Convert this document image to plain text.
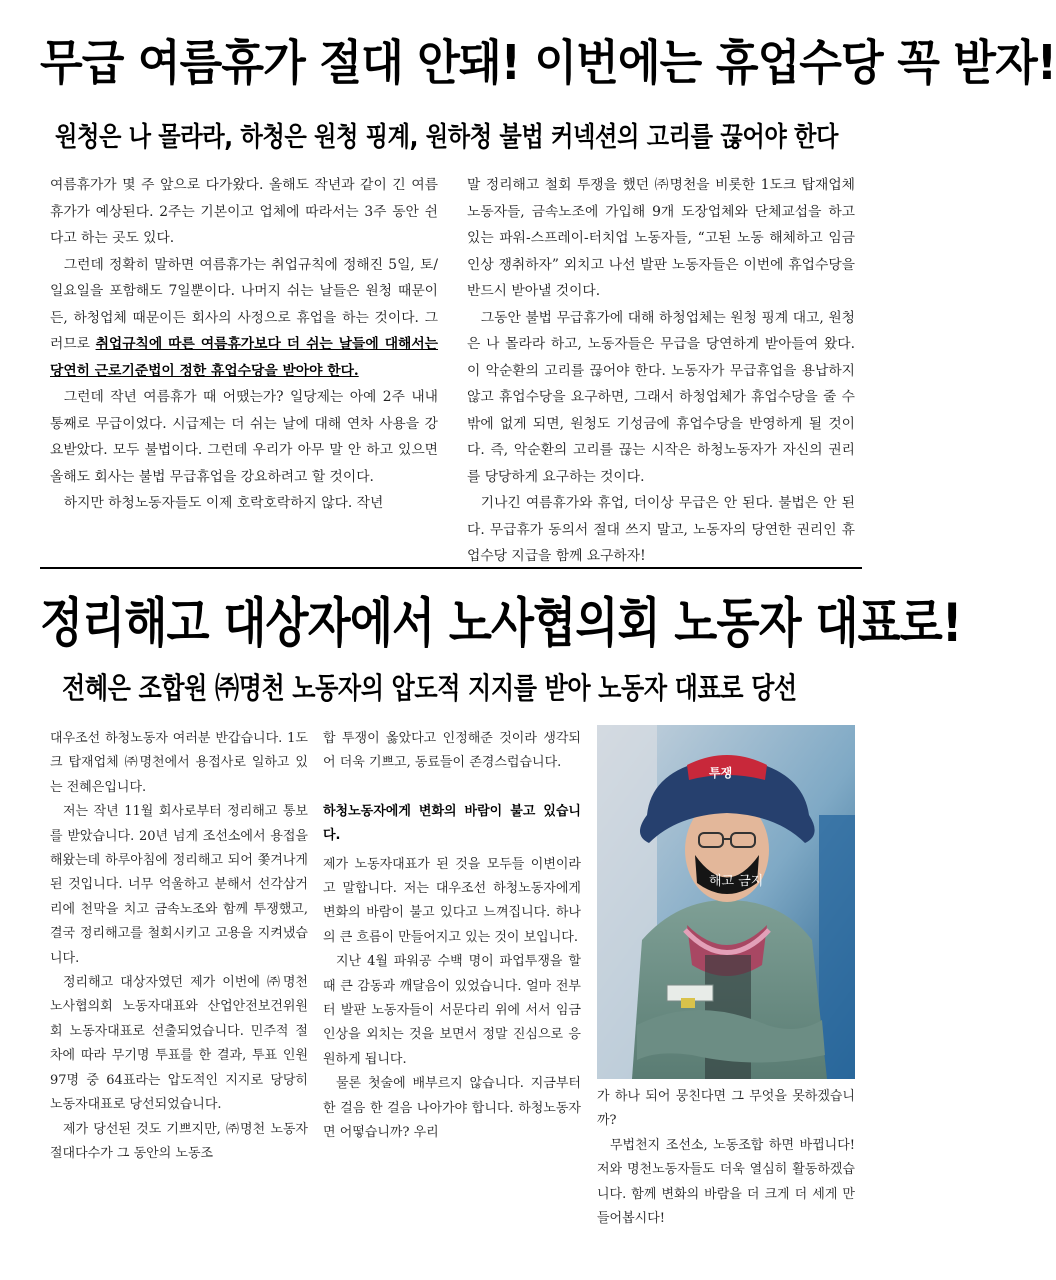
무급 여름휴가 절대 안돼! 이번에는 휴업수당 꼭 받자!
원청은 나 몰라라, 하청은 원청 핑계, 원하청 불법 커넥션의 고리를 끊어야 한다

여름휴가가 몇 주 앞으로 다가왔다. 올해도 작년과 같이 긴 여름휴가가 예상된다. 2주는 기본이고 업체에 따라서는 3주 동안 쉰다고 하는 곳도 있다.

그런데 정확히 말하면 여름휴가는 취업규칙에 정해진 5일, 토/일요일을 포함해도 7일뿐이다. 나머지 쉬는 날들은 원청 때문이든, 하청업체 때문이든 회사의 사정으로 휴업을 하는 것이다. 그러므로 취업규칙에 따른 여름휴가보다 더 쉬는 날들에 대해서는 당연히 근로기준법이 정한 휴업수당을 받아야 한다.

그런데 작년 여름휴가 때 어땠는가? 일당제는 아예 2주 내내 통째로 무급이었다. 시급제는 더 쉬는 날에 대해 연차 사용을 강요받았다. 모두 불법이다. 그런데 우리가 아무 말 안 하고 있으면 올해도 회사는 불법 무급휴업을 강요하려고 할 것이다.

하지만 하청노동자들도 이제 호락호락하지 않다. 작년

말 정리해고 철회 투쟁을 했던 ㈜명천을 비롯한 1도크 탑재업체 노동자들, 금속노조에 가입해 9개 도장업체와 단체교섭을 하고 있는 파워-스프레이-터치업 노동자들, “고된 노동 해체하고 임금인상 쟁취하자” 외치고 나선 발판 노동자들은 이번에 휴업수당을 반드시 받아낼 것이다.

그동안 불법 무급휴가에 대해 하청업체는 원청 핑계 대고, 원청은 나 몰라라 하고, 노동자들은 무급을 당연하게 받아들여 왔다. 이 악순환의 고리를 끊어야 한다. 노동자가 무급휴업을 용납하지 않고 휴업수당을 요구하면, 그래서 하청업체가 휴업수당을 줄 수밖에 없게 되면, 원청도 기성금에 휴업수당을 반영하게 될 것이다. 즉, 악순환의 고리를 끊는 시작은 하청노동자가 자신의 권리를 당당하게 요구하는 것이다.

기나긴 여름휴가와 휴업, 더이상 무급은 안 된다. 불법은 안 된다. 무급휴가 동의서 절대 쓰지 말고, 노동자의 당연한 권리인 휴업수당 지급을 함께 요구하자!

정리해고 대상자에서 노사협의회 노동자 대표로!
전혜은 조합원 ㈜명천 노동자의 압도적 지지를 받아 노동자 대표로 당선

대우조선 하청노동자 여러분 반갑습니다. 1도크 탑재업체 ㈜명천에서 용접사로 일하고 있는 전혜은입니다.

저는 작년 11월 회사로부터 정리해고 통보를 받았습니다. 20년 넘게 조선소에서 용접을 해왔는데 하루아침에 정리해고 되어 쫓겨나게 된 것입니다. 너무 억울하고 분해서 선각삼거리에 천막을 치고 금속노조와 함께 투쟁했고, 결국 정리해고를 철회시키고 고용을 지켜냈습니다.

정리해고 대상자였던 제가 이번에 ㈜명천 노사협의회 노동자대표와 산업안전보건위원회 노동자대표로 선출되었습니다. 민주적 절차에 따라 무기명 투표를 한 결과, 투표 인원 97명 중 64표라는 압도적인 지지로 당당히 노동자대표로 당선되었습니다.

제가 당선된 것도 기쁘지만, ㈜명천 노동자 절대다수가 그 동안의 노동조

합 투쟁이 옳았다고 인정해준 것이라 생각되어 더욱 기쁘고, 동료들이 존경스럽습니다.

하청노동자에게 변화의 바람이 불고 있습니다.

제가 노동자대표가 된 것을 모두들 이변이라고 말합니다. 저는 대우조선 하청노동자에게 변화의 바람이 불고 있다고 느껴집니다. 하나의 큰 흐름이 만들어지고 있는 것이 보입니다.

지난 4월 파워공 수백 명이 파업투쟁을 할 때 큰 감동과 깨달음이 있었습니다. 얼마 전부터 발판 노동자들이 서문다리 위에 서서 임금인상을 외치는 것을 보면서 정말 진심으로 응원하게 됩니다.

물론 첫술에 배부르지 않습니다. 지금부터 한 걸음 한 걸음 나아가야 합니다. 하청노동자면 어떻습니까? 우리

해고 금지
투쟁

가 하나 되어 뭉친다면 그 무엇을 못하겠습니까?

무법천지 조선소, 노동조합 하면 바뀝니다! 저와 명천노동자들도 더욱 열심히 활동하겠습니다. 함께 변화의 바람을 더 크게 더 세게 만들어봅시다!
